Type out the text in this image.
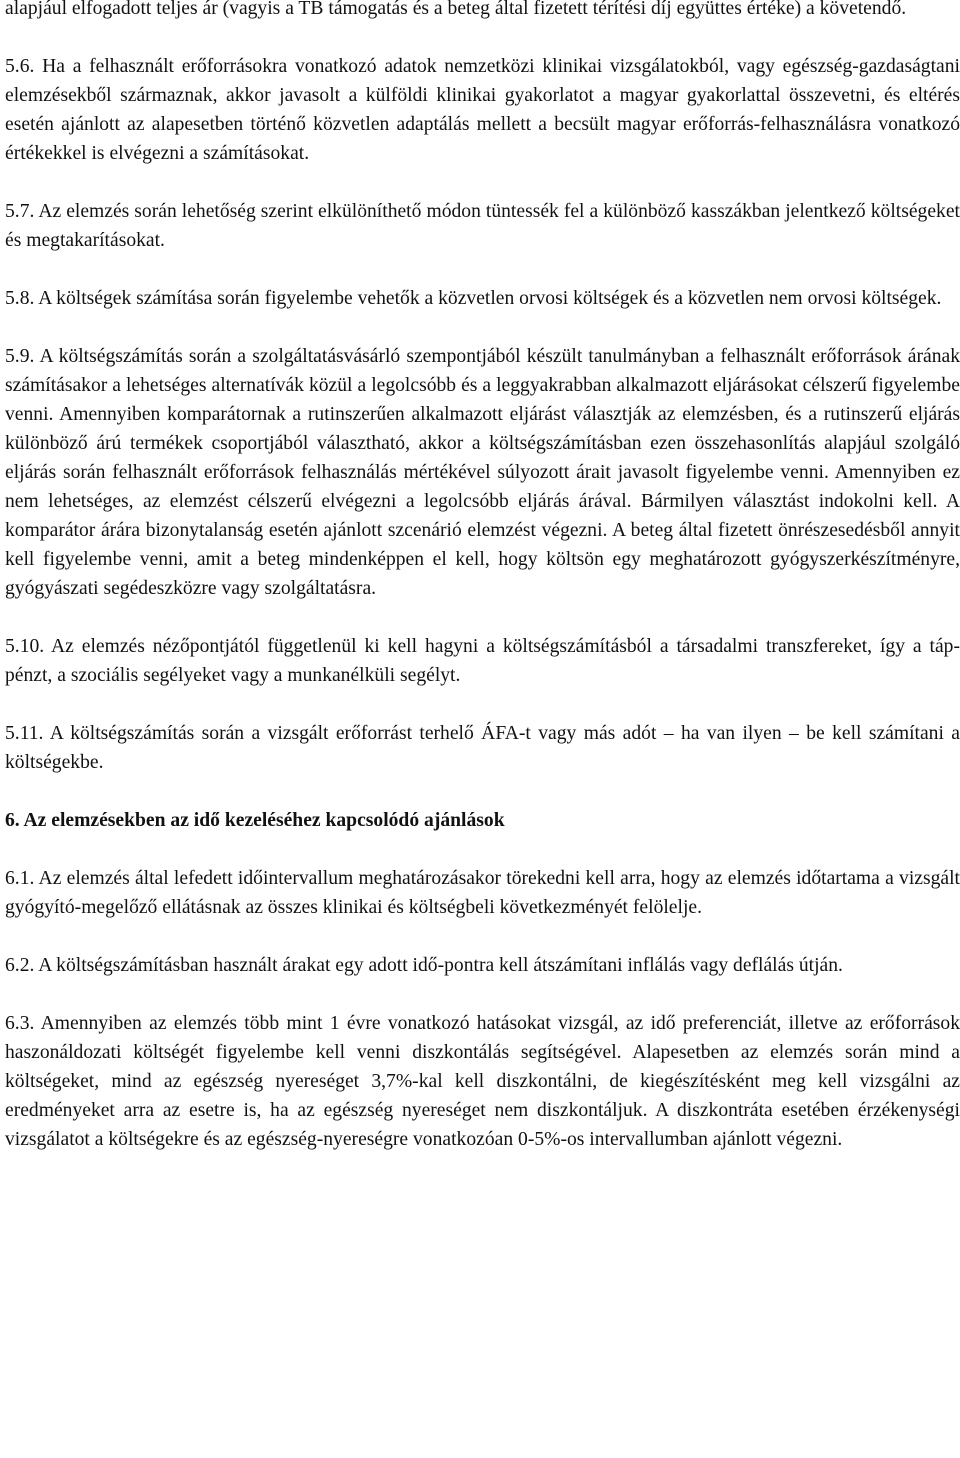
alapjául elfogadott teljes ár (vagyis a TB támogatás és a beteg által fizetett térítési díj együttes értéke) a követendő.

5.6. Ha a felhasznált erőforrásokra vonatkozó adatok nemzetközi klinikai vizsgálatokból, vagy egészség-gazdaságtani elemzésekből származnak, akkor javasolt a külföldi klinikai gyakorlatot a magyar gyakorlattal összevetni, és eltérés esetén ajánlott az alapesetben történő közvetlen adaptálás mellett a becsült magyar erőforrás-felhasználásra vonatkozó értékekkel is elvégezni a számításokat.

5.7. Az elemzés során lehetőség szerint elkülöníthető módon tüntessék fel a különböző kasszákban jelentkező költségeket és megtakarításokat.

5.8. A költségek számítása során figyelembe vehetők a közvetlen orvosi költségek és a közvetlen nem orvosi költségek.

5.9. A költségszámítás során a szolgáltatásvásárló szempontjából készült tanulmányban a felhasznált erőforrások árának számításakor a lehetséges alternatívák közül a legolcsóbb és a leggyakrabban alkalmazott eljárásokat célszerű figyelembe venni. Amennyiben komparátornak a rutinszerűen alkalmazott eljárást választják az elemzésben, és a rutinszerű eljárás különböző árú termékek csoportjából választható, akkor a költségszámításban ezen összehasonlítás alapjául szolgáló eljárás során felhasznált erőforrások felhasználás mértékével súlyozott árait javasolt figyelembe venni. Amennyiben ez nem lehetséges, az elemzést célszerű elvégezni a legolcsóbb eljárás árával. Bármilyen választást indokolni kell. A komparátor árára bizonytalanság esetén ajánlott szcenárió elemzést végezni. A beteg által fizetett önrészesedésből annyit kell figyelembe venni, amit a beteg mindenképpen el kell, hogy költsön egy meghatározott gyógyszerkészítményre, gyógyászati segédeszközre vagy szolgáltatásra.

5.10. Az elemzés nézőpontjától függetlenül ki kell hagyni a költségszámításból a társadalmi transzfereket, így a táp-pénzt, a szociális segélyeket vagy a munkanélküli segélyt.

5.11. A költségszámítás során a vizsgált erőforrást terhelő ÁFA-t vagy más adót – ha van ilyen – be kell számítani a költségekbe.

6. Az elemzésekben az idő kezeléséhez kapcsolódó ajánlások

6.1. Az elemzés által lefedett időintervallum meghatározásakor törekedni kell arra, hogy az elemzés időtartama a vizsgált gyógyító-megelőző ellátásnak az összes klinikai és költségbeli következményét felölelje.

6.2. A költségszámításban használt árakat egy adott idő-pontra kell átszámítani inflálás vagy deflálás útján.

6.3. Amennyiben az elemzés több mint 1 évre vonatkozó hatásokat vizsgál, az idő preferenciát, illetve az erőforrások haszonáldozati költségét figyelembe kell venni diszkontálás segítségével. Alapesetben az elemzés során mind a költségeket, mind az egészség nyereséget 3,7%-kal kell diszkontálni, de kiegészítésként meg kell vizsgálni az eredményeket arra az esetre is, ha az egészség nyereséget nem diszkontáljuk. A diszkontráta esetében érzékenységi vizsgálatot a költségekre és az egészség-nyereségre vonatkozóan 0-5%-os intervallumban ajánlott végezni.
